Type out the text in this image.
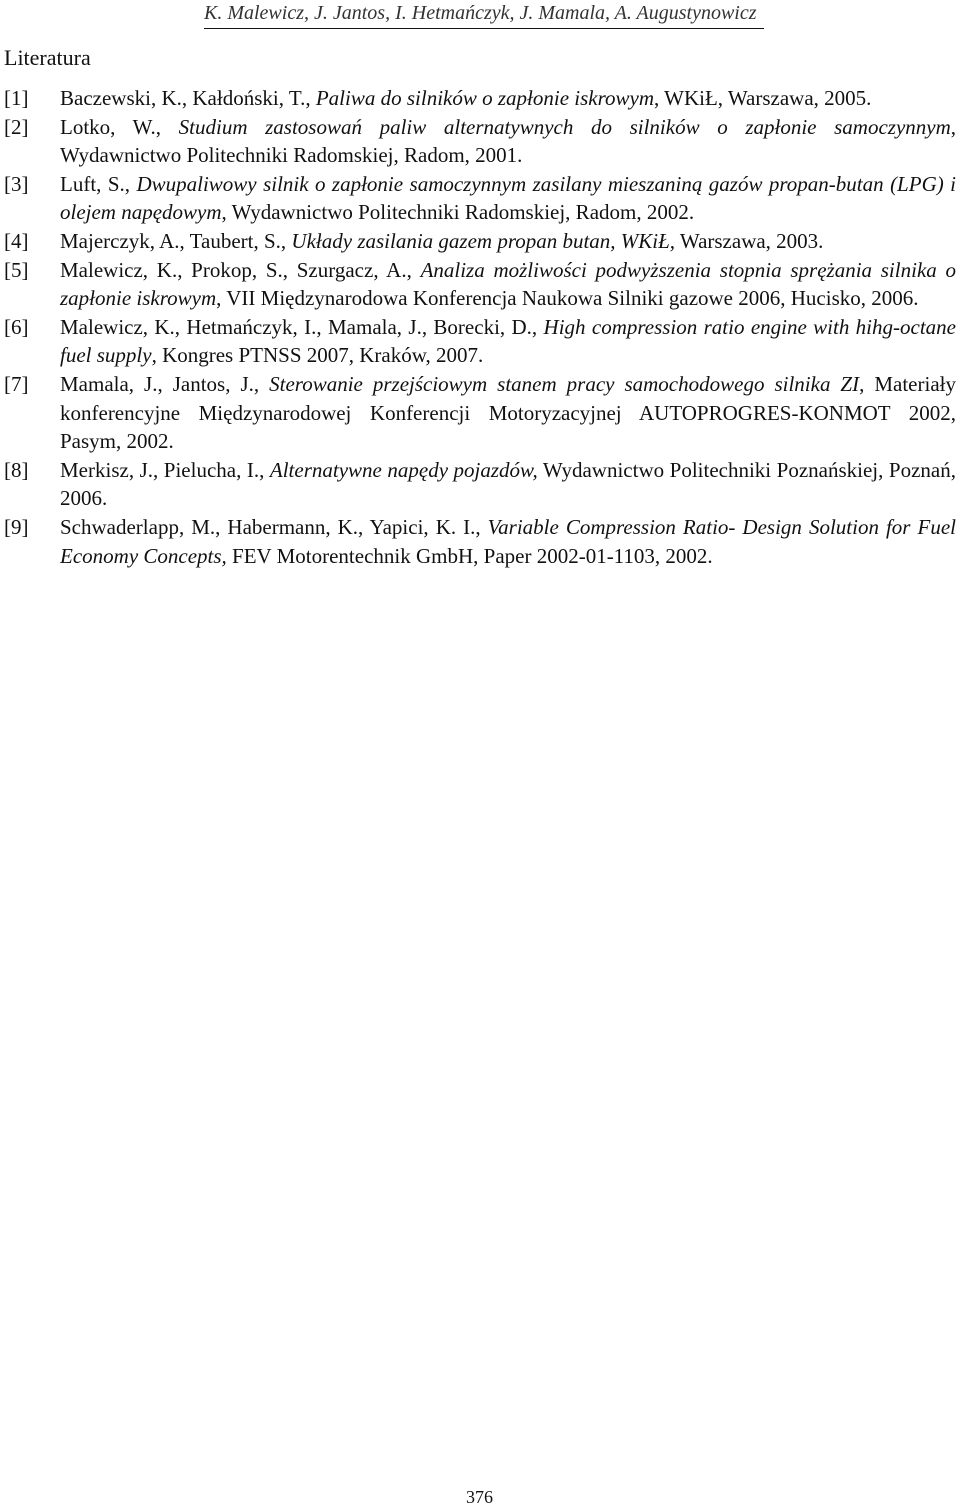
K. Malewicz, J. Jantos, I. Hetmańczyk, J. Mamala, A. Augustynowicz
Literatura
[1]	Baczewski, K., Kałdoński, T., Paliwa do silników o zapłonie iskrowym, WKiŁ, Warszawa, 2005.
[2]	Lotko, W., Studium zastosowań paliw alternatywnych do silników o zapłonie samoczynnym, Wydawnictwo Politechniki Radomskiej, Radom, 2001.
[3]	Luft, S., Dwupaliwowy silnik o zapłonie samoczynnym zasilany mieszaniną gazów propan-butan (LPG) i olejem napędowym, Wydawnictwo Politechniki Radomskiej, Radom, 2002.
[4]	Majerczyk, A., Taubert, S., Układy zasilania gazem propan butan, WKiŁ, Warszawa, 2003.
[5]	Malewicz, K., Prokop, S., Szurgacz, A., Analiza możliwości podwyższenia stopnia sprężania silnika o zapłonie iskrowym, VII Międzynarodowa Konferencja Naukowa Silniki gazowe 2006, Hucisko, 2006.
[6]	Malewicz, K., Hetmańczyk, I., Mamala, J., Borecki, D., High compression ratio engine with hihg-octane fuel supply, Kongres PTNSS 2007, Kraków, 2007.
[7]	Mamala, J., Jantos, J., Sterowanie przejściowym stanem pracy samochodowego silnika ZI, Materiały konferencyjne Międzynarodowej Konferencji Motoryzacyjnej AUTOPROGRES-KONMOT 2002, Pasym, 2002.
[8]	Merkisz, J., Pielucha, I., Alternatywne napędy pojazdów, Wydawnictwo Politechniki Poznańskiej, Poznań, 2006.
[9]	Schwaderlapp, M., Habermann, K., Yapici, K. I., Variable Compression Ratio- Design Solution for Fuel Economy Concepts, FEV Motorentechnik GmbH, Paper 2002-01-1103, 2002.
376
